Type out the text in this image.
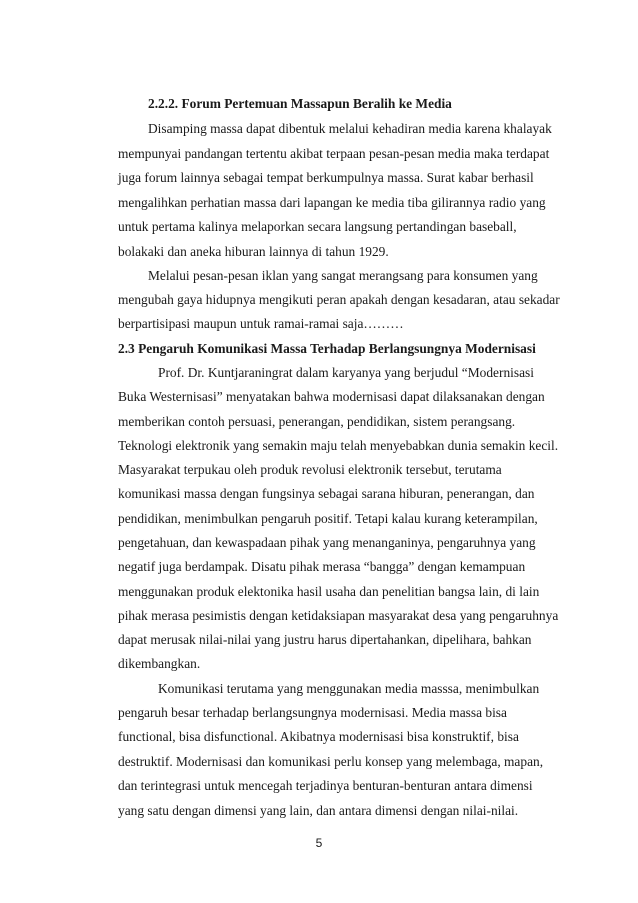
2.2.2. Forum Pertemuan Massapun Beralih ke Media
Disamping massa dapat dibentuk melalui kehadiran media karena khalayak
mempunyai pandangan tertentu akibat terpaan pesan-pesan media maka terdapat
juga forum lainnya sebagai tempat berkumpulnya massa. Surat kabar berhasil
mengalihkan perhatian massa dari lapangan ke media tiba gilirannya radio yang
untuk pertama kalinya melaporkan secara langsung pertandingan baseball,
bolakaki dan aneka hiburan lainnya di tahun 1929.
Melalui pesan-pesan iklan yang sangat merangsang para konsumen yang
mengubah gaya hidupnya mengikuti peran apakah dengan kesadaran, atau sekadar
berpartisipasi maupun untuk ramai-ramai saja………
2.3 Pengaruh Komunikasi Massa Terhadap Berlangsungnya Modernisasi
Prof. Dr. Kuntjaraningrat dalam karyanya yang berjudul “Modernisasi
Buka Westernisasi” menyatakan bahwa modernisasi dapat dilaksanakan dengan
memberikan contoh persuasi, penerangan, pendidikan, sistem perangsang.
Teknologi elektronik yang semakin maju telah menyebabkan dunia semakin kecil.
Masyarakat terpukau oleh produk revolusi elektronik tersebut, terutama
komunikasi massa dengan fungsinya sebagai sarana hiburan, penerangan, dan
pendidikan, menimbulkan pengaruh positif. Tetapi kalau kurang keterampilan,
pengetahuan, dan kewaspadaan pihak yang menanganinya, pengaruhnya yang
negatif juga berdampak. Disatu pihak merasa “bangga” dengan kemampuan
menggunakan produk elektonika hasil usaha dan penelitian bangsa lain, di lain
pihak merasa pesimistis dengan ketidaksiapan masyarakat desa yang pengaruhnya
dapat merusak nilai-nilai yang justru harus dipertahankan, dipelihara, bahkan
dikembangkan.
Komunikasi terutama yang menggunakan media masssa, menimbulkan
pengaruh besar terhadap berlangsungnya modernisasi. Media massa bisa
functional, bisa disfunctional. Akibatnya modernisasi bisa konstruktif, bisa
destruktif. Modernisasi dan komunikasi perlu konsep yang melembaga, mapan,
dan terintegrasi untuk mencegah terjadinya benturan-benturan antara dimensi
yang satu dengan dimensi yang lain, dan antara dimensi dengan nilai-nilai.
5
